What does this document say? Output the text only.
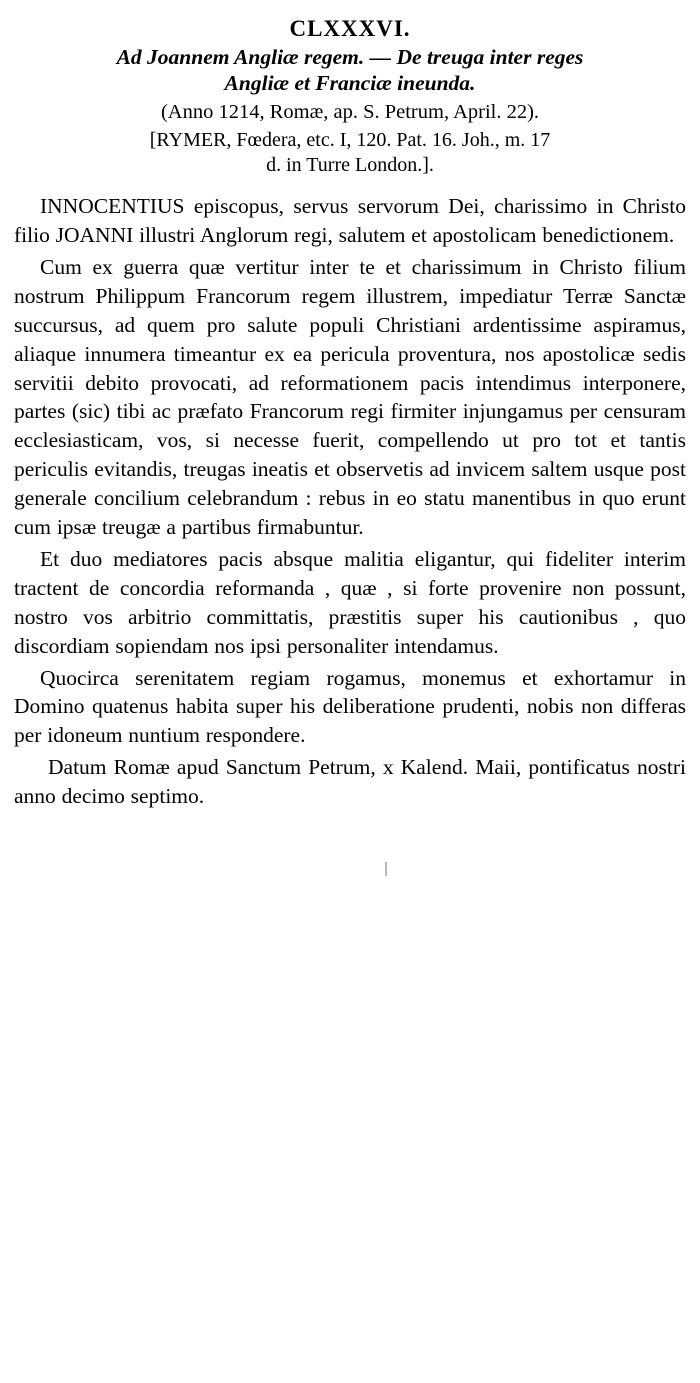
CLXXXVI.
Ad Joannem Angliæ regem. — De treuga inter reges
Angliæ et Franciæ ineunda.
(Anno 1214, Romæ, ap. S. Petrum, April. 22).
[RYMER, Fœdera, etc. I, 120. Pat. 16. Joh., m. 17
d. in Turre London.].

INNOCENTIUS episcopus, servus servorum Dei, charissimo in Christo filio JOANNI illustri Anglorum regi, salutem et apostolicam benedictionem.

Cum ex guerra quæ vertitur inter te et charissimum in Christo filium nostrum Philippum Francorum regem illustrem, impediatur Terræ Sanctæ succursus, ad quem pro salute populi Christiani ardentissime aspiramus, aliaque innumera timeantur ex ea pericula proventura, nos apostolicæ sedis servitii debito provocati, ad reformationem pacis intendimus interponere, partes (sic) tibi ac præfato Francorum regi firmiter injungamus per censuram ecclesiasticam, vos, si necesse fuerit, compellendo ut pro tot et tantis periculis evitandis, treugas ineatis et observetis ad invicem saltem usque post generale concilium celebrandum : rebus in eo statu manentibus in quo erunt cum ipsæ treugæ a partibus firmabuntur.

Et duo mediatores pacis absque malitia eligantur, qui fideliter interim tractent de concordia reformanda , quæ , si forte provenire non possunt, nostro vos arbitrio committatis, præstitis super his cautionibus , quo discordiam sopiendam nos ipsi personaliter intendamus.

Quocirca serenitatem regiam rogamus, monemus et exhortamur in Domino quatenus habita super his deliberatione prudenti, nobis non differas per idoneum nuntium respondere.

Datum Romæ apud Sanctum Petrum, x Kalend. Maii, pontificatus nostri anno decimo septimo.
